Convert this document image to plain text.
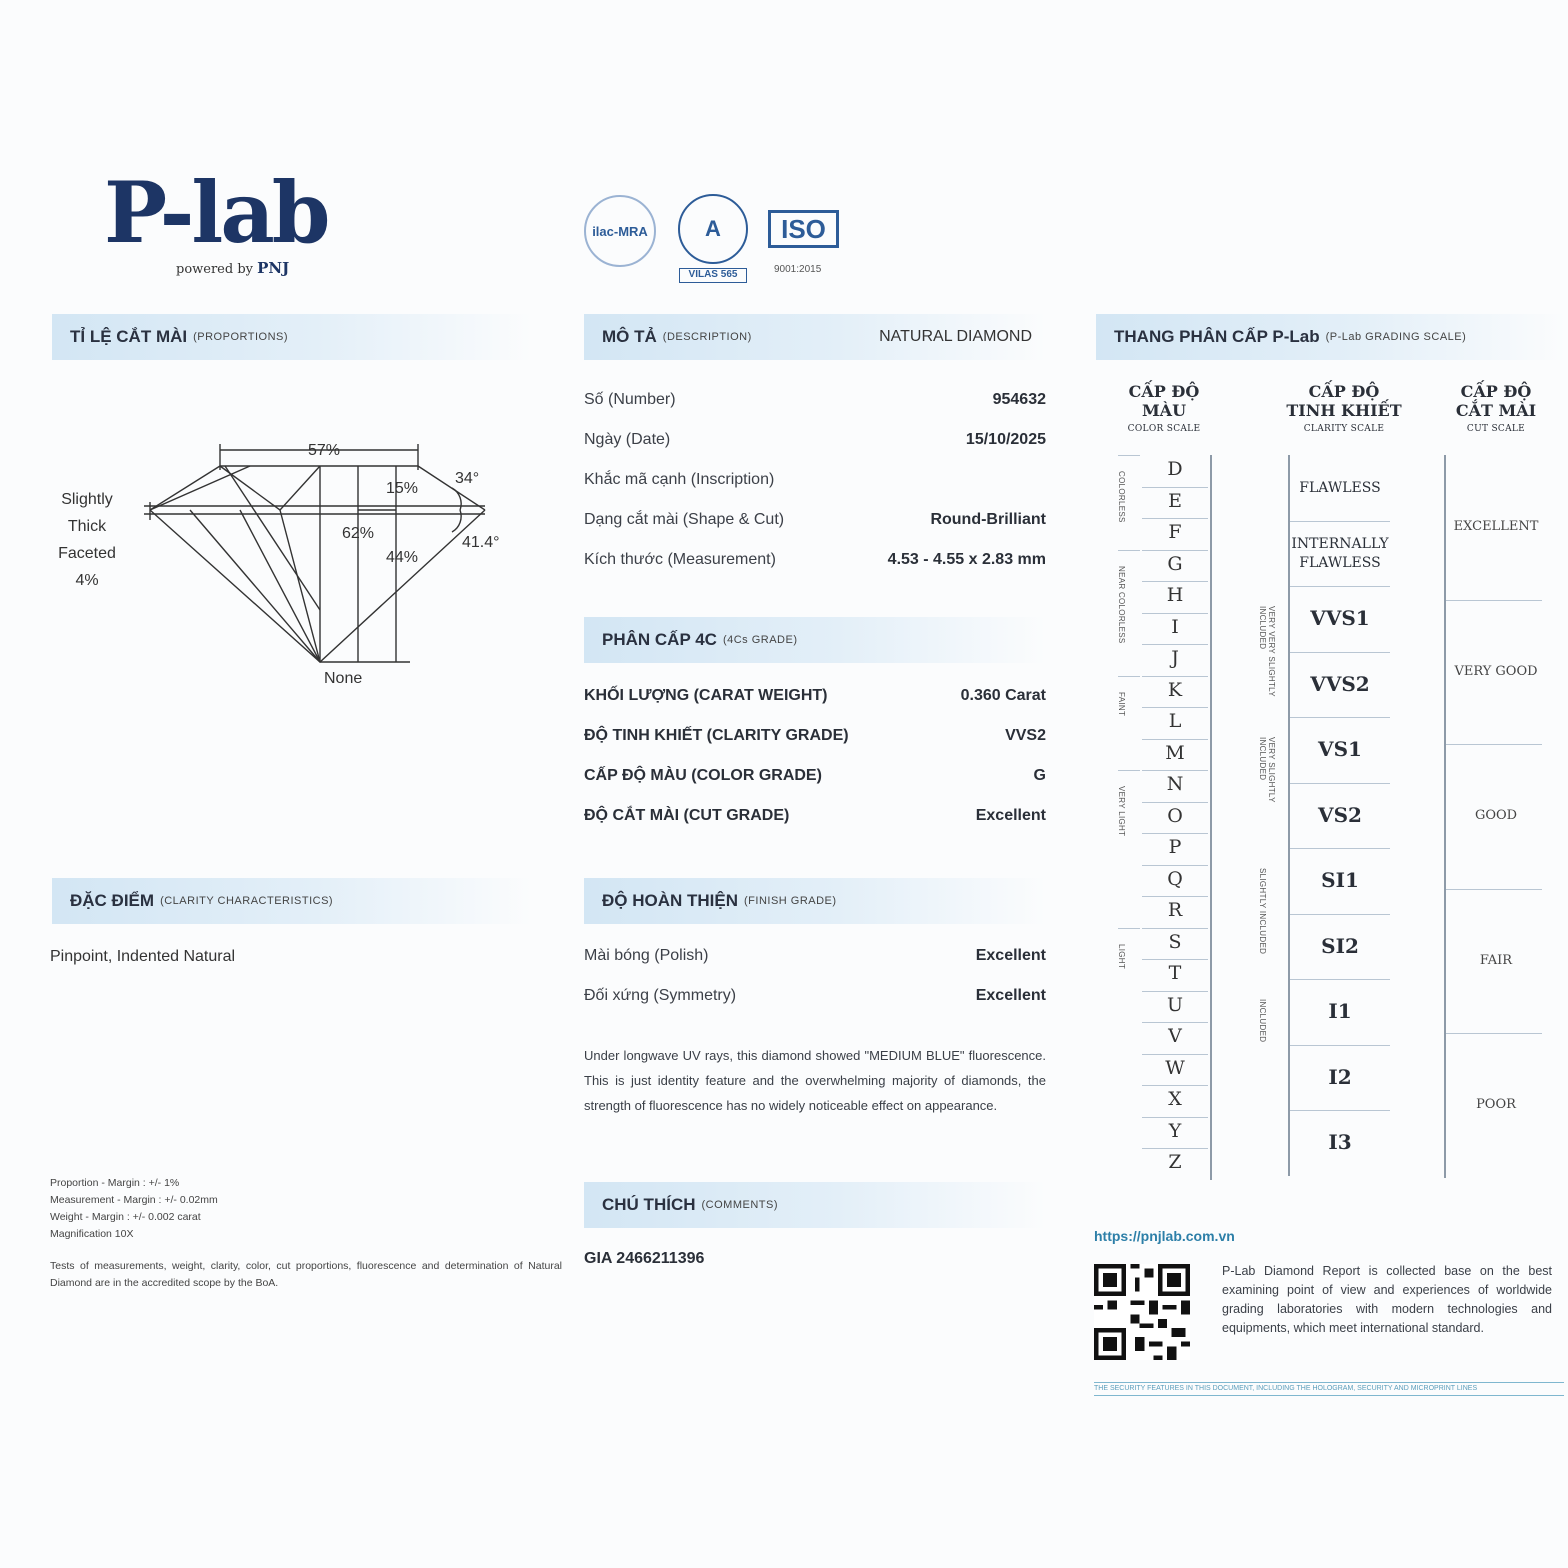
P-lab
powered by PNJ
ilac-MRA	A
VILAS 565
ISO
9001:2015
TỈ LỆ CẮT MÀI (PROPORTIONS)
57%
15%
34°
62%
44%
41.4°
None
Slightly
Thick
Faceted
4%
ĐẶC ĐIỂM (CLARITY CHARACTERISTICS)
Pinpoint, Indented Natural
Proportion - Margin : +/- 1%
Measurement - Margin : +/- 0.02mm
Weight - Margin : +/- 0.002 carat
Magnification 10X
Tests of measurements, weight, clarity, color, cut proportions, fluorescence and determination of Natural Diamond are in the accredited scope by the BoA.
MÔ TẢ (DESCRIPTION)	NATURAL DIAMOND
Số (Number)	954632
Ngày (Date)	15/10/2025
Khắc mã cạnh (Inscription)
Dạng cắt mài (Shape & Cut)	Round-Brilliant
Kích thước (Measurement)	4.53 - 4.55 x 2.83 mm
PHÂN CẤP 4C (4Cs GRADE)
KHỐI LƯỢNG (CARAT WEIGHT)	0.360 Carat
ĐỘ TINH KHIẾT (CLARITY GRADE)	VVS2
CẤP ĐỘ MÀU (COLOR GRADE)	G
ĐỘ CẮT MÀI (CUT GRADE)	Excellent
ĐỘ HOÀN THIỆN (FINISH GRADE)
Mài bóng (Polish)	Excellent
Đối xứng (Symmetry)	Excellent
Under longwave UV rays, this diamond showed "MEDIUM BLUE" fluorescence. This is just identity feature and the overwhelming majority of diamonds, the strength of fluorescence has no widely noticeable effect on appearance.
CHÚ THÍCH (COMMENTS)
GIA 2466211396
THANG PHÂN CẤP P-Lab (P-Lab GRADING SCALE)
CẤP ĐỘ
MÀU
COLOR SCALE
CẤP ĐỘ
TINH KHIẾT
CLARITY SCALE
CẤP ĐỘ
CẮT MÀI
CUT SCALE
D
E
F
G
H
I
J
K
L
M
N
O
P
Q
R
S
T
U
V
W
X
Y
Z
COLORLESS
NEAR COLORLESS
FAINT
VERY LIGHT
LIGHT
FLAWLESS
INTERNALLY FLAWLESS
VVS1
VVS2
VS1
VS2
SI1
SI2
I1
I2
I3
VERY VERY SLIGHTLY INCLUDED
VERY SLIGHTLY INCLUDED
SLIGHTLY INCLUDED
INCLUDED
EXCELLENT
VERY GOOD
GOOD
FAIR
POOR
https://pnjlab.com.vn
P-Lab Diamond Report is collected base on the best examining point of view and experiences of worldwide grading laboratories with modern technologies and equipments, which meet international standard.
THE SECURITY FEATURES IN THIS DOCUMENT, INCLUDING THE HOLOGRAM, SECURITY AND MICROPRINT LINES
